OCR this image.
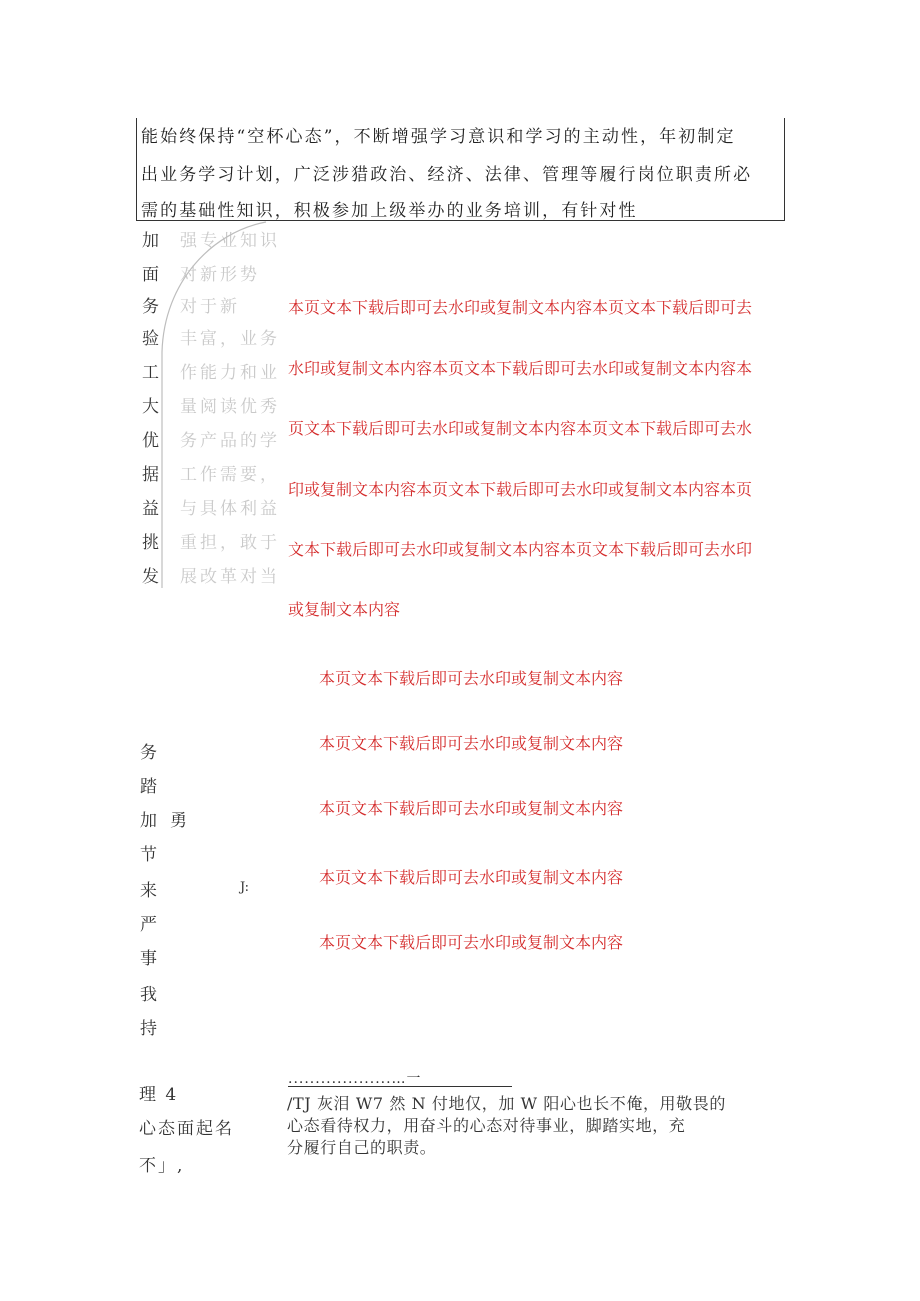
能始终保持“空杯心态”，不断增强学习意识和学习的主动性，年初制定
出业务学习计划，广泛涉猎政治、经济、法律、管理等履行岗位职责所必
需的基础性知识，积极参加上级举办的业务培训，有针对性
加
面
务
验
工
大
优
据
益
挑
发
强专业知识
对新形势
对于新
丰富，业务
作能力和业
量阅读优秀
务产品的学
工作需要，
与具体利益
重担，敢于
展改革对当
本页文本下载后即可去水印或复制文本内容本页文本下载后即可去
水印或复制文本内容本页文本下载后即可去水印或复制文本内容本
页文本下载后即可去水印或复制文本内容本页文本下载后即可去水
印或复制文本内容本页文本下载后即可去水印或复制文本内容本页
文本下载后即可去水印或复制文本内容本页文本下载后即可去水印
或复制文本内容
本页文本下载后即可去水印或复制文本内容
本页文本下载后即可去水印或复制文本内容
本页文本下载后即可去水印或复制文本内容
本页文本下载后即可去水印或复制文本内容
本页文本下载后即可去水印或复制文本内容
务
踏
加
节
来
严
事
我
持
勇
J:
理 4
心态面起名
不」,
...................…一
/TJ 灰泪 W7 然 N 付地仅，加 W 阳心也长不俺，用敬畏的
心态看待权力，用奋斗的心态对待事业，脚踏实地，充
分履行自己的职责。
